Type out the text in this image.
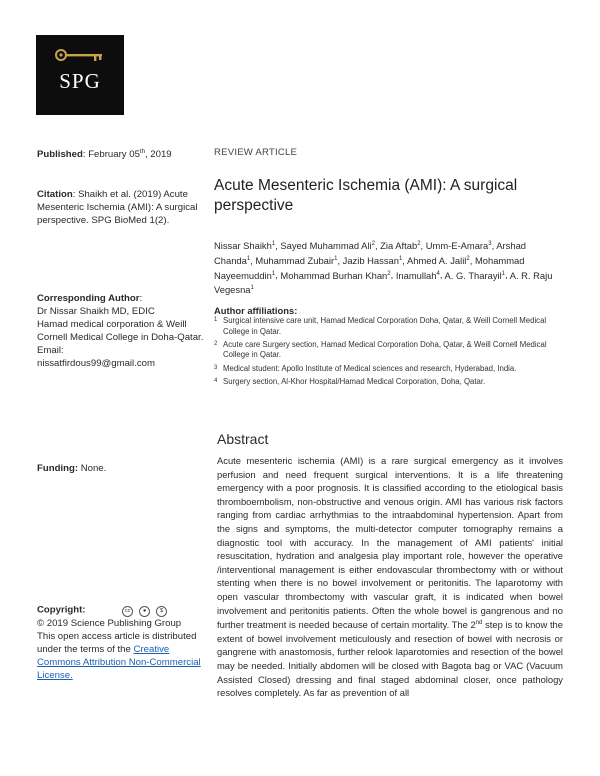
SPG
Published: February 05th, 2019
Citation: Shaikh et al. (2019) Acute Mesenteric Ischemia (AMI): A surgical perspective. SPG BioMed 1(2).
Corresponding Author:
Dr Nissar Shaikh MD, EDIC
Hamad medical corporation & Weill Cornell Medical College in Doha-Qatar.
Email:
nissatfirdous99@gmail.com
Funding: None.
Copyright:	cc ●	$
© 2019 Science Publishing Group
This open access article is distributed under the terms of the Creative Commons Attribution Non-Commercial License.
REVIEW ARTICLE
Acute Mesenteric Ischemia (AMI): A surgical perspective
Nissar Shaikh$^1$, Sayed Muhammad Ali$^2$, Zia Aftab$^2$, Umm-E-Amara$^3$, Arshad Chanda$^1$, Muhammad Zubair$^1$, Jazib Hassan$^1$, Ahmed A. Jalil$^2$, Mohammad Nayeemuddin$^1$, Mohammad Burhan Khan$^2$, Inamullah$^4$, A. G. Tharayil$^1$, A. R. Raju Vegesna$^1$
Author affiliations:
1 Surgical intensive care unit, Hamad Medical Corporation Doha, Qatar, & Weill Cornell Medical College in Qatar.
2 Acute care Surgery section, Hamad Medical Corporation Doha, Qatar, & Weill Cornell Medical College in Qatar.
3 Medical student: Apollo Institute of Medical sciences and research, Hyderabad, India.
4 Surgery section, Al-Khor Hospital/Hamad Medical Corporation, Doha, Qatar.
Abstract
Acute mesenteric ischemia (AMI) is a rare surgical emergency as it involves perfusion and need frequent surgical interventions. It is a life threatening emergency with a poor prognosis. It is classified according to the etiological basis thromboembolism, non-obstructive and venous origin. AMI has various risk factors ranging from cardiac arrhythmias to the intraabdominal hypertension. Apart from the signs and symptoms, the multi-detector computer tomography remains a diagnostic tool with accuracy. In the management of AMI patients' initial resuscitation, hydration and analgesia play important role, however the operative /interventional management is either endovascular thrombectomy with or without stenting when there is no bowel involvement or peritonitis. The laparotomy with open vascular thrombectomy with vascular graft, it is indicated when bowel involvement and peritonitis patients. Often the whole bowel is gangrenous and no further treatment is needed because of certain mortality. The 2nd step is to know the extent of bowel involvement meticulously and resection of bowel with necrosis or gangrene with anastomosis, further relook laparotomies and resection of the bowel may be needed. Initially abdomen will be closed with Bagota bag or VAC (Vacuum Assisted Closed) dressing and final staged abdominal closer, once pathology resolves completely. As far as prevention of all
